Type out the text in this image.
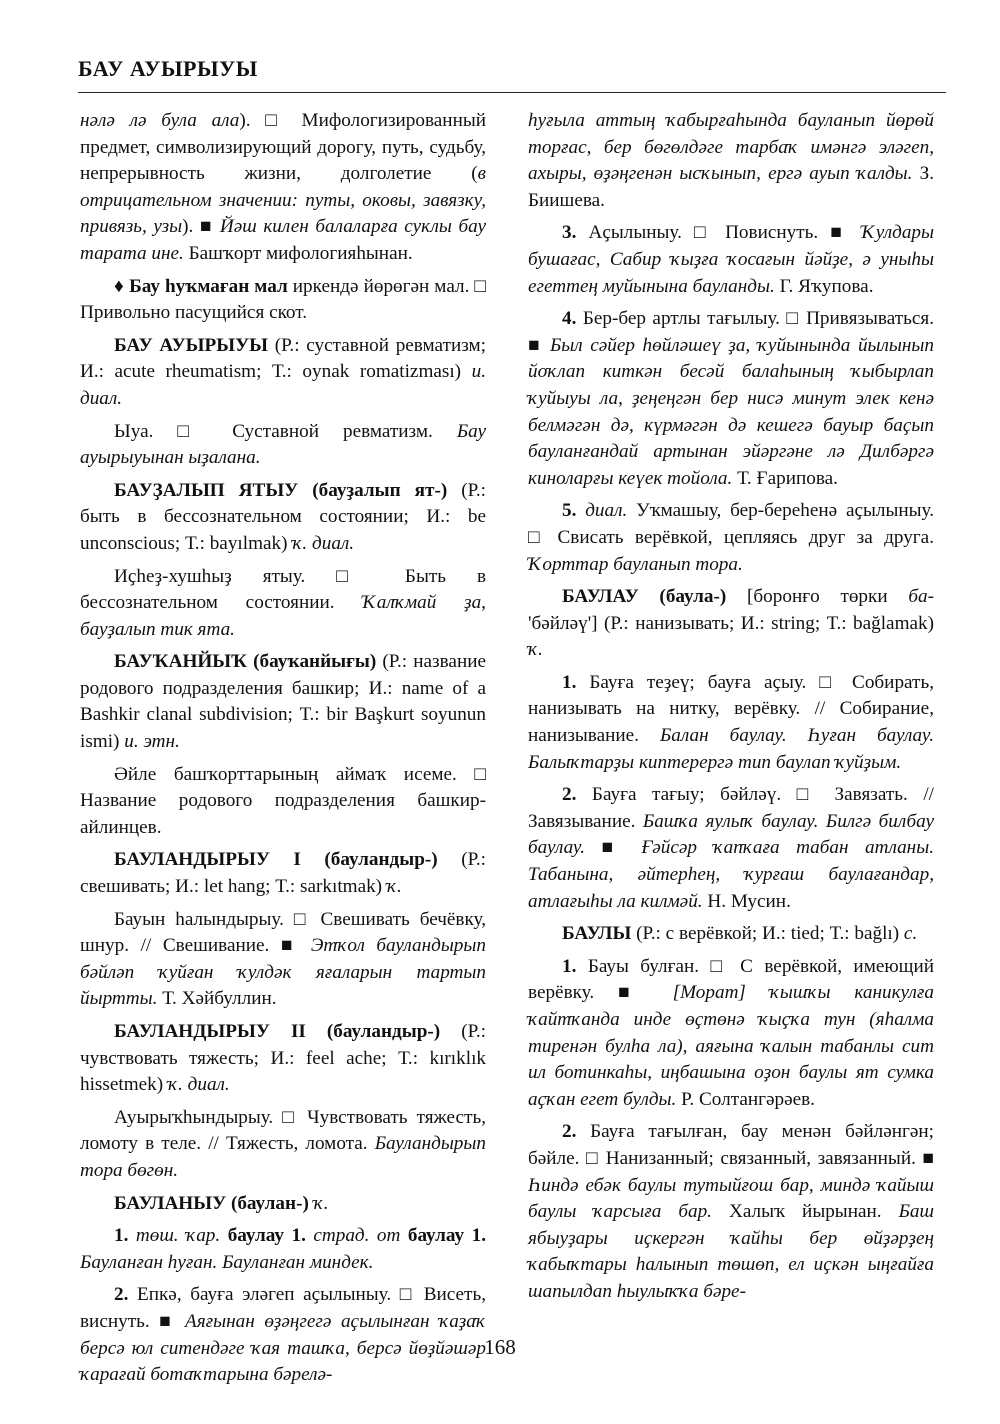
БАУ АУЫРЫУЫ

нәлә лә була ала). □ Мифологизированный предмет, символизирующий дорогу, путь, судьбу, непрерывность жизни, долголетие (в отрицательном значении: путы, оковы, завязку, привязь, узы). ■ Йәш килен балаларға суклы бау тарата ине. Башҡорт мифологияһынан.

♦ Бау һуҡмаған мал иркендә йөрөгән мал. □ Привольно пасущийся скот.

БАУ АУЫРЫУЫ (Р.: суставной ревматизм; И.: acute rheumatism; Т.: oynak romatizması) и. диал.

Ыуа. □ Суставной ревматизм. Бау ауырыуынан ыҙалана.

БАУҘАЛЫП ЯТЫУ (бауҙалып ят-) (Р.: быть в бессознательном состоянии; И.: be unconscious; Т.: bayılmak) ҡ. диал.

Иҫһеҙ-хушһыҙ ятыу. □ Быть в бессознательном состоянии. Ҡалҡмай ҙа, бауҙалып тик ята.

БАУҠАНЙЫҠ (бауҡанйығы) (Р.: название родового подразделения башкир; И.: name of a Bashkir clanal subdivision; Т.: bir Başkurt soyunun ismi) и. этн.

Әйле башҡорттарының аймаҡ исеме. □ Название родового подразделения башкир-айлинцев.

БАУЛАНДЫРЫУ I (бауландыр-) (Р.: свешивать; И.: let hang; Т.: sarkıtmak) ҡ.

Бауын һалындырыу. □ Свешивать бечёвку, шнур. // Свешивание. ■ Этҡол бауландырып бәйләп ҡуйған ҡулдәк яғаларын тартып йыртты. Т. Хәйбуллин.

БАУЛАНДЫРЫУ II (бауландыр-) (Р.: чувствовать тяжесть; И.: feel ache; Т.: kırıklık hissetmek) ҡ. диал.

Ауырыҡһындырыу. □ Чувствовать тяжесть, ломоту в теле. // Тяжесть, ломота. Бауландырып тора бөгөн.

БАУЛАНЫУ (баулан-) ҡ.

1. төш. ҡар. баулау 1. страд. от баулау 1. Бауланған һуған. Бауланған миндек.

2. Епкә, бауға эләгеп аҫылыныу. □ Висеть, виснуть. ■ Аяғынан өҙәңгегә аҫылынған ҡаҙаҡ берсә юл ситендәге ҡая ташҡа, берсә йөҙйәшәр ҡарағай ботаҡтарына бәрелә-

һуғыла аттың ҡабырғаһында бауланып йөрөй торғас, бер бөгөлдәге тарбаҡ имәнгә эләгеп, ахыры, өҙәңгенән ысҡынып, ергә ауып ҡалды. З. Биишева.

3. Аҫылыныу. □ Повиснуть. ■ Ҡулдары бушағас, Сабир ҡыҙға ҡосағын йәйҙе, ә уныһы егеттең муйынына бауланды. Г. Яҡупова.

4. Бер-бер артлы тағылыу. □ Привязываться. ■ Был сәйер һөйләшеү ҙа, ҡуйынында йылынып йоҡлап киткән бесәй балаһының ҡыбырлап ҡуйыуы ла, ҙеңеңгән бер нисә минут элек кенә белмәгән дә, күрмәгән дә кешегә бауыр баҫып бауланғандай артынан эйәргәне лә Дилбәргә киноларғы кеүек тойола. Т. Ғарипова.

5. диал. Уҡмашыу, бер-береһенә аҫылыныу. □ Свисать верёвкой, цепляясь друг за друга. Ҡорттар бауланып тора.

БАУЛАУ (баула-) [боронғо төрки ба- 'бәйләү'] (Р.: нанизывать; И.: string; Т.: bağlamak) ҡ.

1. Бауға теҙеү; бауға аҫыу. □ Собирать, нанизывать на нитку, верёвку. // Собирание, нанизывание. Балан баулау. Һуған баулау. Балыҡтарҙы киптерергә тип баулап ҡуйҙым.

2. Бауға тағыу; бәйләү. □ Завязать. // Завязывание. Башҡа яулыҡ баулау. Билгә билбау баулау. ■ Ғәйсәр ҡапҡаға табан атланы. Табанына, әйтерһең, ҡурғаш баулағандар, атлағыһы ла килмәй. Н. Мусин.

БАУЛЫ (Р.: с верёвкой; И.: tied; Т.: bağlı) с.

1. Бауы булған. □ С верёвкой, имеющий верёвку. ■ [Морат] ҡышҡы каникулға ҡайтҡанда инде өҫтөнә ҡыҫҡа тун (яһалма тиренән булһа ла), аяғына ҡалын табанлы сит ил ботинкаһы, иңбашына оҙон баулы ят сумка аҫҡан егет булды. Р. Солтангәрәев.

2. Бауға тағылған, бау менән бәйләнгән; бәйле. □ Нанизанный; связанный, завязанный. ■ Һиндә ебәк баулы тутыйғош бар, миндә ҡайыш баулы ҡарсыға бар. Халыҡ йырынан. Баш ябыуҙары иҫкергән ҡайһы бер өйҙәрҙең ҡабыҡтары һалынып төшөп, ел иҫкән ыңғайға шапылдап һыулыҡҡа бәре-

168
